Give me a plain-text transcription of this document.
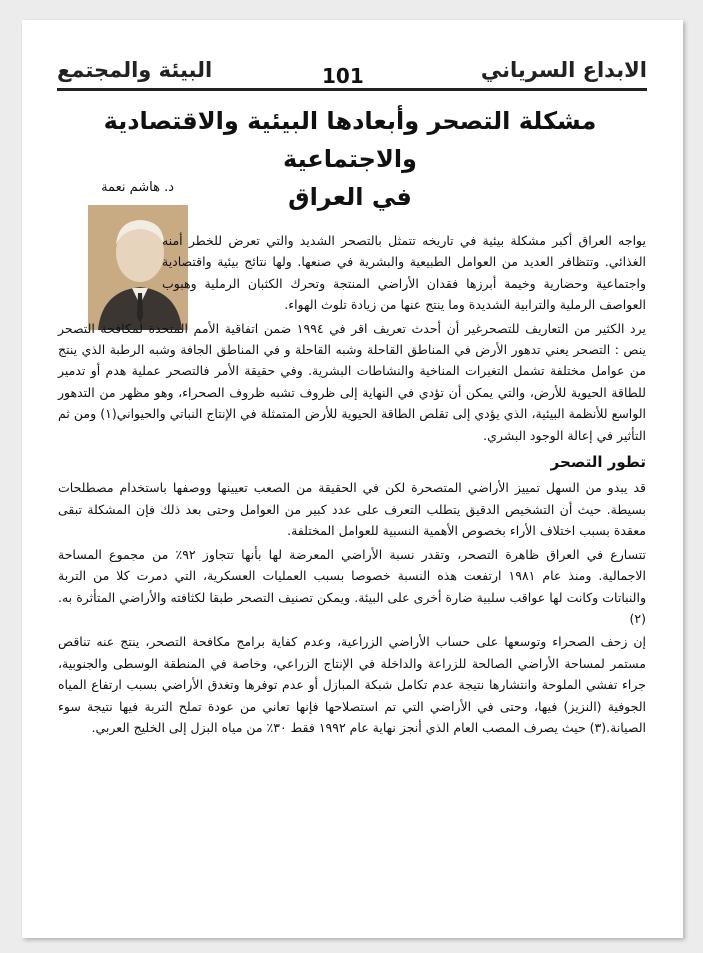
الابداع السرياني
101
البيئة والمجتمع
مشكلة التصحر وأبعادها البيئية والاقتصادية والاجتماعية
في العراق
د. هاشم نعمة

يواجه العراق أكبر مشكلة بيئية في تاريخه تتمثل بالتصحر الشديد والتي تعرض للخطر أمنه الغذائي. وتتظافر العديد من العوامل الطبيعية والبشرية في صنعها. ولها نتائج بيئية واقتصادية واجتماعية وحضارية وخيمة أبرزها فقدان الأراضي المنتجة وتحرك الكثبان الرملية وهبوب العواصف الرملية والترابية الشديدة وما ينتج عنها من زيادة تلوث الهواء.

يرد الكثير من التعاريف للتصحرغير أن أحدث تعريف اقر في ١٩٩٤ ضمن اتفاقية الأمم المتحدة لمكافحة التصحر ينص : التصحر يعني تدهور الأرض في المناطق القاحلة وشبه القاحلة و في المناطق الجافة وشبه الرطبة الذي ينتج من عوامل مختلفة تشمل التغيرات المناخية والنشاطات البشرية. وفي حقيقة الأمر فالتصحر عملية هدم أو تدمير للطاقة الحيوية للأرض، والتي يمكن أن تؤدي في النهاية إلى ظروف تشبه ظروف الصحراء، وهو مظهر من التدهور الواسع للأنظمة البيئية، الذي يؤدي إلى تقلص الطاقة الحيوية للأرض المتمثلة في الإنتاج النباتي والحيواني(١) ومن ثم التأثير في إعالة الوجود البشري.

تطور التصحر

قد يبدو من السهل تمييز الأراضي المتصحرة لكن في الحقيقة من الصعب تعيينها ووصفها باستخدام مصطلحات بسيطة. حيث أن التشخيص الدقيق يتطلب التعرف على عدد كبير من العوامل وحتى بعد ذلك فإن المشكلة تبقى معقدة بسبب اختلاف الأراء بخصوص الأهمية النسبية للعوامل المختلفة.

تتسارع في العراق ظاهرة التصحر، وتقدر نسبة الأراضي المعرضة لها بأنها تتجاوز ٩٢٪ من مجموع المساحة الاجمالية. ومنذ عام ١٩٨١ ارتفعت هذه النسبة خصوصا بسبب العمليات العسكرية، التي دمرت كلا من التربة والنباتات وكانت لها عواقب سلبية ضارة أخرى على البيئة. ويمكن تصنيف التصحر طبقا لكثافته والأراضي المتأثرة به.(٢)

إن زحف الصحراء وتوسعها على حساب الأراضي الزراعية، وعدم كفاية برامج مكافحة التصحر، ينتج عنه تناقص مستمر لمساحة الأراضي الصالحة للزراعة والداخلة في الإنتاج الزراعي، وخاصة في المنطقة الوسطى والجنوبية، جراء تفشي الملوحة وانتشارها نتيجة عدم تكامل شبكة المبازل أو عدم توفرها وتغدق الأراضي بسبب ارتفاع المياه الجوفية (النزيز) فيها، وحتى في الأراضي التي تم استصلاحها فإنها تعاني من عودة تملح التربة فيها نتيجة سوء الصيانة.(٣) حيث يصرف المصب العام الذي أنجز نهاية عام ١٩٩٢ فقط ٣٠٪ من مياه البزل إلى الخليج العربي.
